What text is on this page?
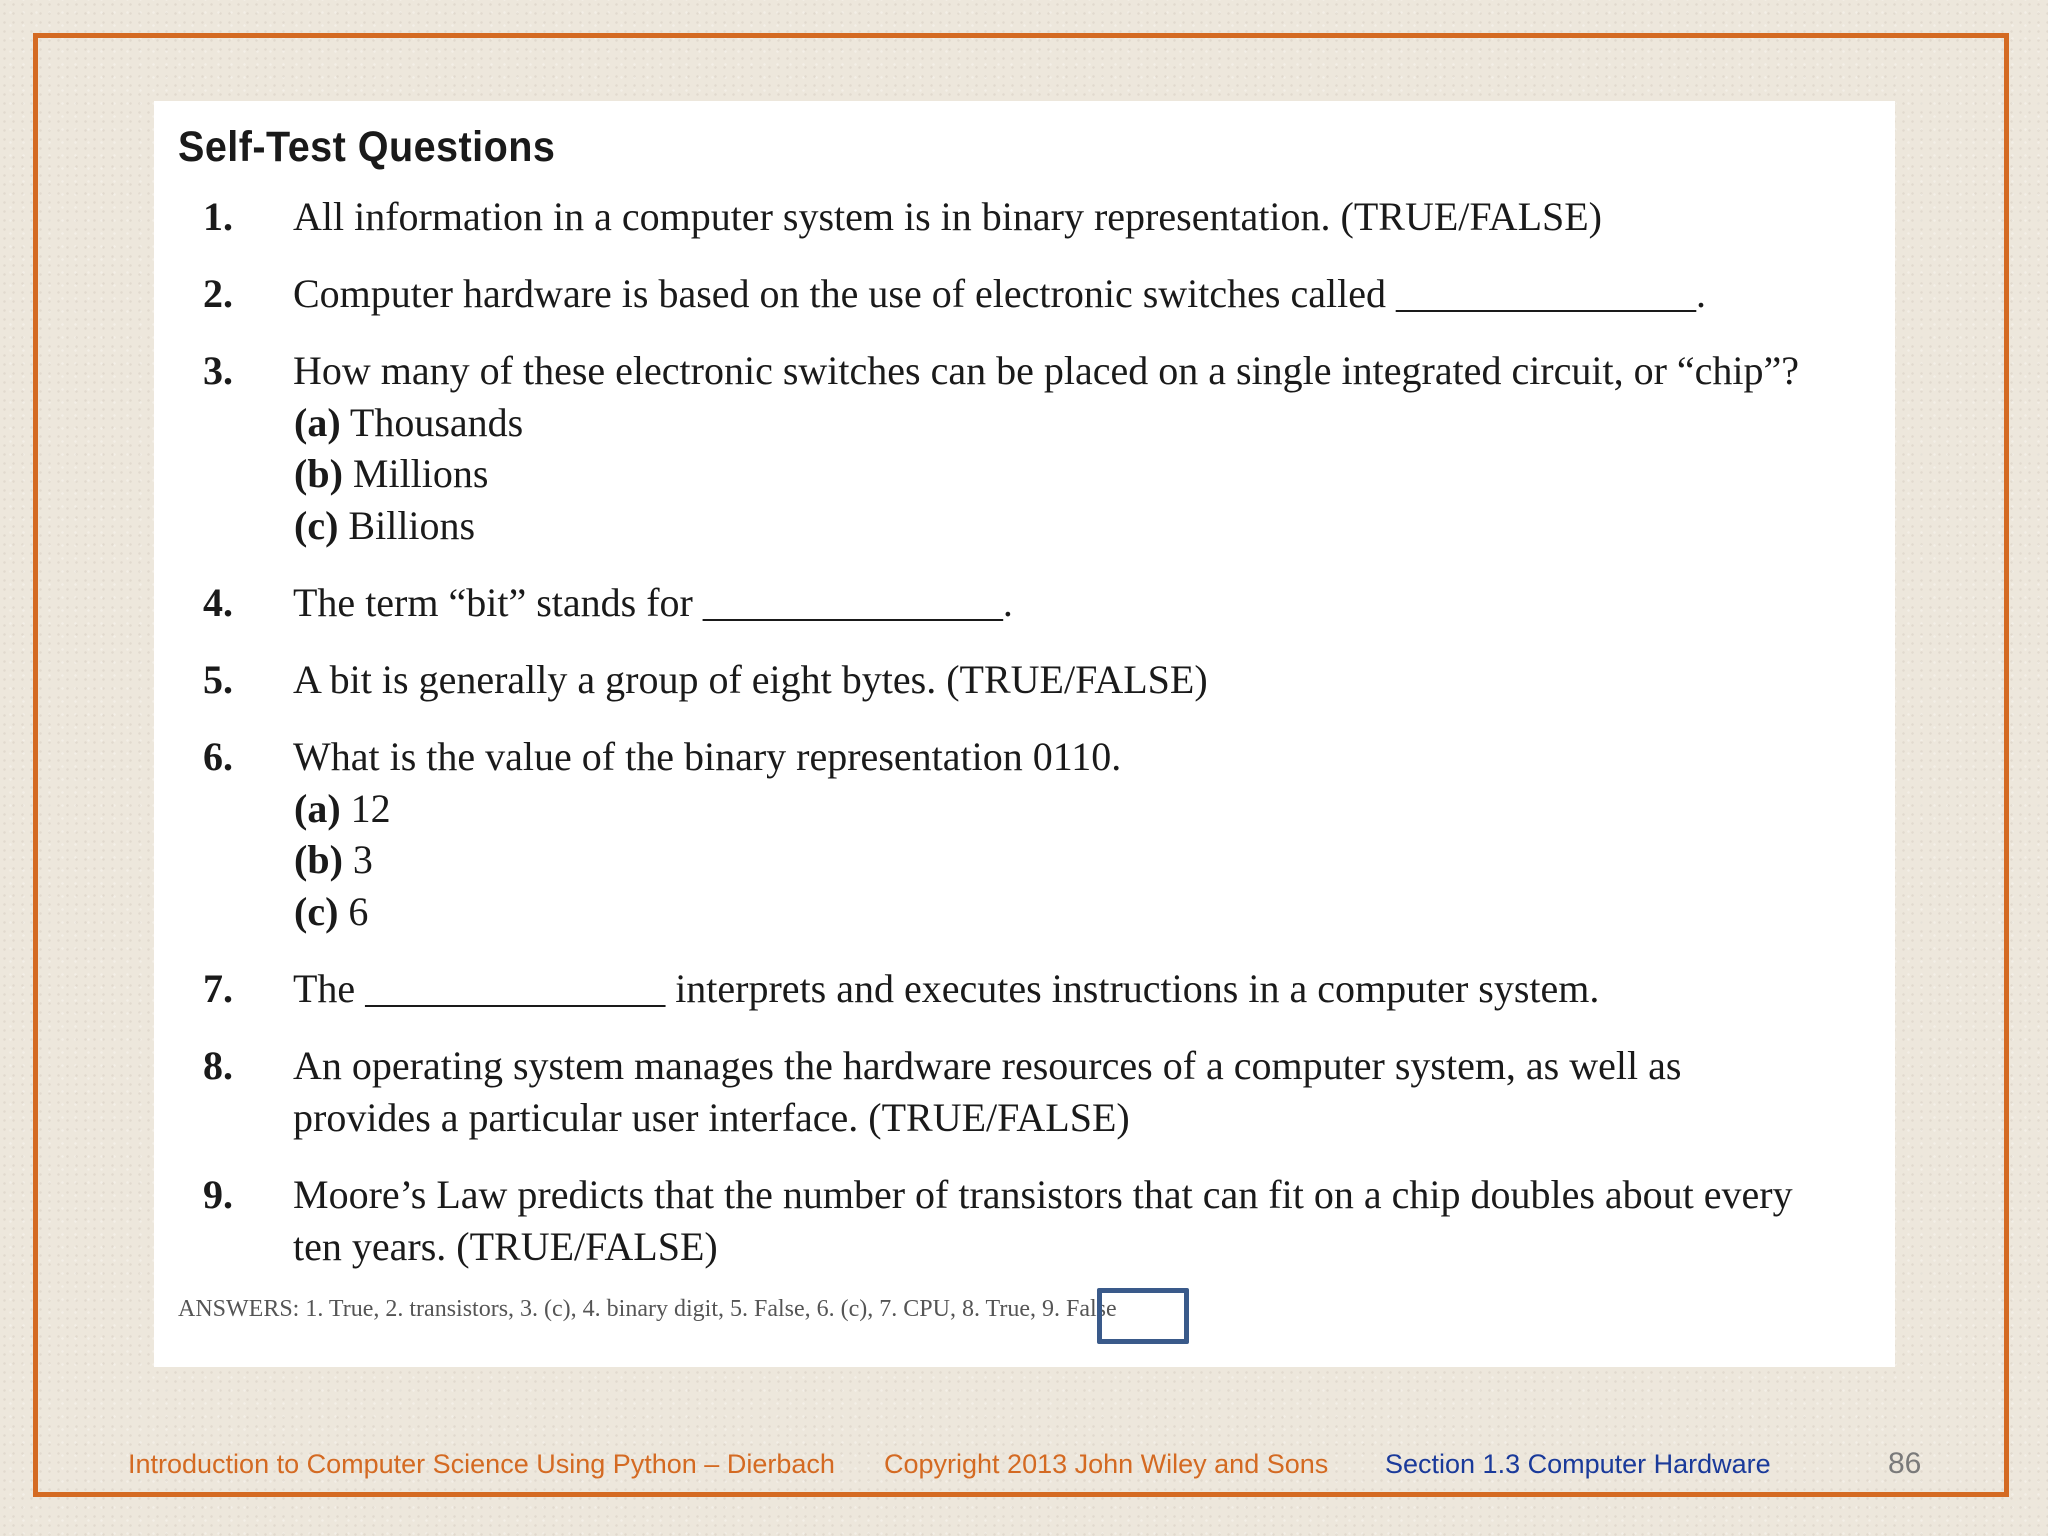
Self-Test Questions
1. All information in a computer system is in binary representation. (TRUE/FALSE)
2. Computer hardware is based on the use of electronic switches called _______________.
3. How many of these electronic switches can be placed on a single integrated circuit, or “chip”?
(a) Thousands
(b) Millions
(c) Billions
4. The term “bit” stands for _______________.
5. A bit is generally a group of eight bytes. (TRUE/FALSE)
6. What is the value of the binary representation 0110.
(a) 12
(b) 3
(c) 6
7. The _______________ interprets and executes instructions in a computer system.
8. An operating system manages the hardware resources of a computer system, as well as
provides a particular user interface. (TRUE/FALSE)
9. Moore’s Law predicts that the number of transistors that can fit on a chip doubles about every
ten years. (TRUE/FALSE)
ANSWERS: 1. True, 2. transistors, 3. (c), 4. binary digit, 5. False, 6. (c), 7. CPU, 8. True, 9. False
Introduction to Computer Science Using Python – Dierbach Copyright 2013 John Wiley and Sons Section 1.3 Computer Hardware	86
